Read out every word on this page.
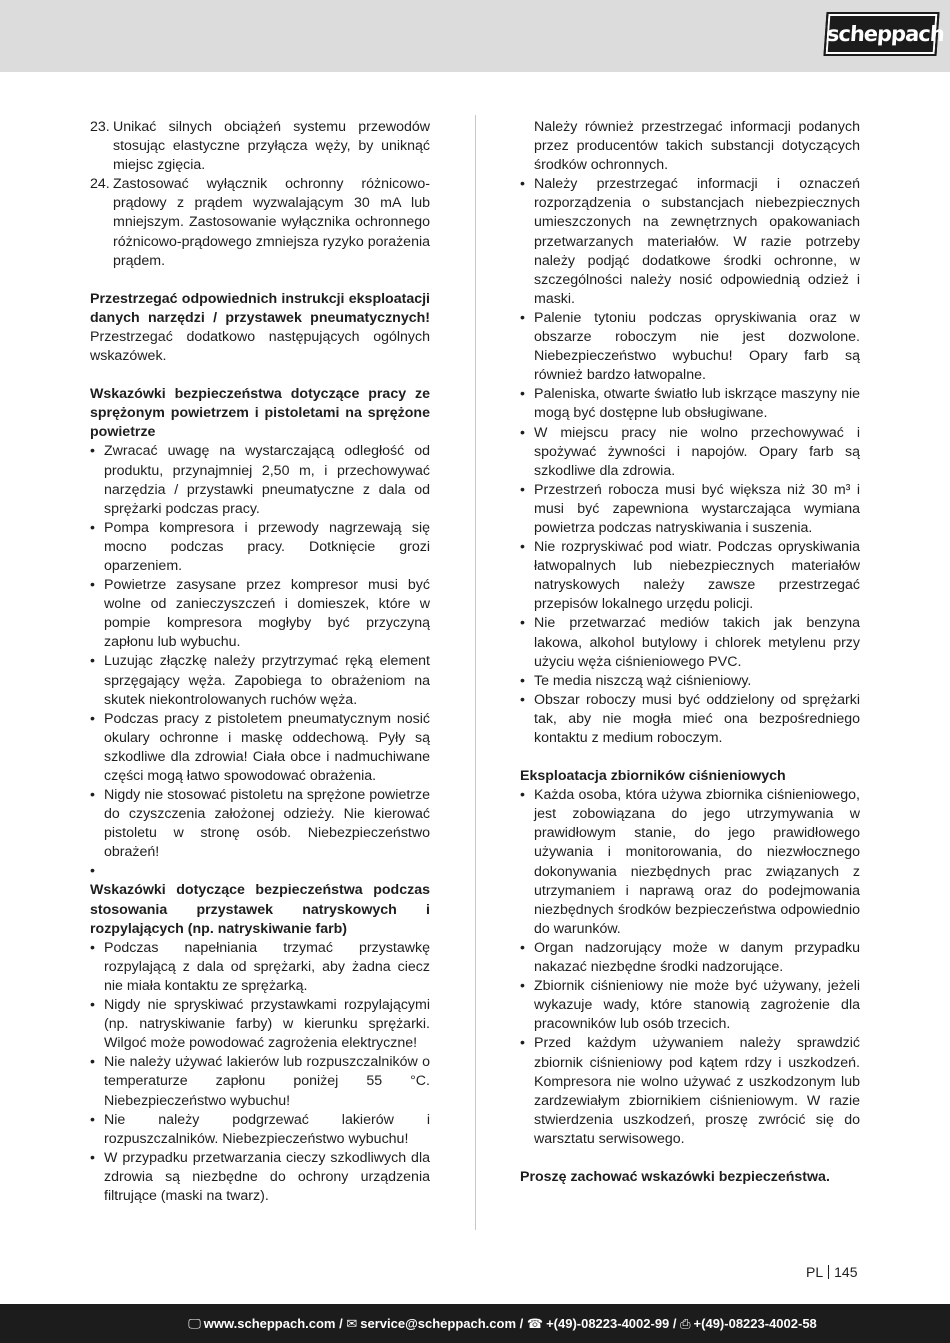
scheppach
23. Unikać silnych obciążeń systemu przewodów stosując elastyczne przyłącza węży, by uniknąć miejsc zgięcia.
24. Zastosować wyłącznik ochronny różnicowo-prądowy z prądem wyzwalającym 30 mA lub mniejszym. Zastosowanie wyłącznika ochronnego różnicowo-prądowego zmniejsza ryzyko porażenia prądem.

Przestrzegać odpowiednich instrukcji eksploatacji danych narzędzi / przystawek pneumatycznych! Przestrzegać dodatkowo następujących ogólnych wskazówek.

Wskazówki bezpieczeństwa dotyczące pracy ze sprężonym powietrzem i pistoletami na sprężone powietrze

• Zwracać uwagę na wystarczającą odległość od produktu, przynajmniej 2,50 m, i przechowywać narzędzia / przystawki pneumatyczne z dala od sprężarki podczas pracy.
• Pompa kompresora i przewody nagrzewają się mocno podczas pracy. Dotknięcie grozi oparzeniem.
• Powietrze zasysane przez kompresor musi być wolne od zanieczyszczeń i domieszek, które w pompie kompresora mogłyby być przyczyną zapłonu lub wybuchu.
• Luzując złączkę należy przytrzymać ręką element sprzęgający węża. Zapobiega to obrażeniom na skutek niekontrolowanych ruchów węża.
• Podczas pracy z pistoletem pneumatycznym nosić okulary ochronne i maskę oddechową. Pyły są szkodliwe dla zdrowia! Ciała obce i nadmuchiwane części mogą łatwo spowodować obrażenia.
• Nigdy nie stosować pistoletu na sprężone powietrze do czyszczenia założonej odzieży. Nie kierować pistoletu w stronę osób. Niebezpieczeństwo obrażeń!
•

Wskazówki dotyczące bezpieczeństwa podczas stosowania przystawek natryskowych i rozpylających (np. natryskiwanie farb)

• Podczas napełniania trzymać przystawkę rozpylającą z dala od sprężarki, aby żadna ciecz nie miała kontaktu ze sprężarką.
• Nigdy nie spryskiwać przystawkami rozpylającymi (np. natryskiwanie farby) w kierunku sprężarki. Wilgoć może powodować zagrożenia elektryczne!
• Nie należy używać lakierów lub rozpuszczalników o temperaturze zapłonu poniżej 55 °C. Niebezpieczeństwo wybuchu!
• Nie należy podgrzewać lakierów i rozpuszczalników. Niebezpieczeństwo wybuchu!
• W przypadku przetwarzania cieczy szkodliwych dla zdrowia są niezbędne do ochrony urządzenia filtrujące (maski na twarz).

Należy również przestrzegać informacji podanych przez producentów takich substancji dotyczących środków ochronnych.

• Należy przestrzegać informacji i oznaczeń rozporządzenia o substancjach niebezpiecznych umieszczonych na zewnętrznych opakowaniach przetwarzanych materiałów. W razie potrzeby należy podjąć dodatkowe środki ochronne, w szczególności należy nosić odpowiednią odzież i maski.
• Palenie tytoniu podczas opryskiwania oraz w obszarze roboczym nie jest dozwolone. Niebezpieczeństwo wybuchu! Opary farb są również bardzo łatwopalne.
• Paleniska, otwarte światło lub iskrzące maszyny nie mogą być dostępne lub obsługiwane.
• W miejscu pracy nie wolno przechowywać i spożywać żywności i napojów. Opary farb są szkodliwe dla zdrowia.
• Przestrzeń robocza musi być większa niż 30 m³ i musi być zapewniona wystarczająca wymiana powietrza podczas natryskiwania i suszenia.
• Nie rozpryskiwać pod wiatr. Podczas opryskiwania łatwopalnych lub niebezpiecznych materiałów natryskowych należy zawsze przestrzegać przepisów lokalnego urzędu policji.
• Nie przetwarzać mediów takich jak benzyna lakowa, alkohol butylowy i chlorek metylenu przy użyciu węża ciśnieniowego PVC.
• Te media niszczą wąż ciśnieniowy.
• Obszar roboczy musi być oddzielony od sprężarki tak, aby nie mogła mieć ona bezpośredniego kontaktu z medium roboczym.

Eksploatacja zbiorników ciśnieniowych

• Każda osoba, która używa zbiornika ciśnieniowego, jest zobowiązana do jego utrzymywania w prawidłowym stanie, do jego prawidłowego używania i monitorowania, do niezwłocznego dokonywania niezbędnych prac związanych z utrzymaniem i naprawą oraz do podejmowania niezbędnych środków bezpieczeństwa odpowiednio do warunków.
• Organ nadzorujący może w danym przypadku nakazać niezbędne środki nadzorujące.
• Zbiornik ciśnieniowy nie może być używany, jeżeli wykazuje wady, które stanowią zagrożenie dla pracowników lub osób trzecich.
• Przed każdym używaniem należy sprawdzić zbiornik ciśnieniowy pod kątem rdzy i uszkodzeń. Kompresora nie wolno używać z uszkodzonym lub zardzewiałym zbiornikiem ciśnieniowym. W razie stwierdzenia uszkodzeń, proszę zwrócić się do warsztatu serwisowego.

Proszę zachować wskazówki bezpieczeństwa.

PL 145
🖵 www.scheppach.com / ✉ service@scheppach.com / ☎ +(49)-08223-4002-99 / ⎙ +(49)-08223-4002-58
